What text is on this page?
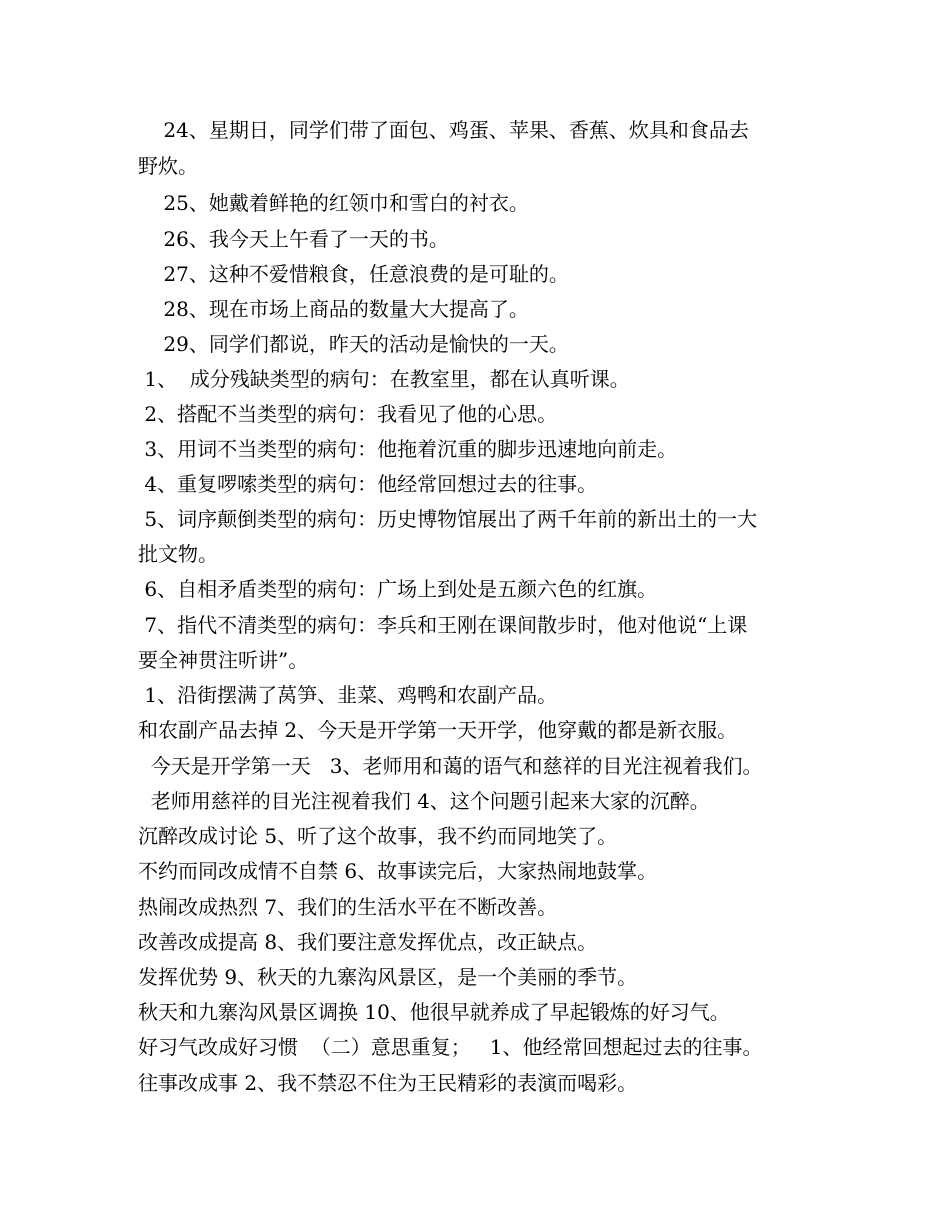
24、星期日，同学们带了面包、鸡蛋、苹果、香蕉、炊具和食品去
野炊。
25、她戴着鲜艳的红领巾和雪白的衬衣。
26、我今天上午看了一天的书。
27、这种不爱惜粮食，任意浪费的是可耻的。
28、现在市场上商品的数量大大提高了。
29、同学们都说，昨天的活动是愉快的一天。
1、  成分残缺类型的病句：在教室里，都在认真听课。
2、搭配不当类型的病句：我看见了他的心思。
3、用词不当类型的病句：他拖着沉重的脚步迅速地向前走。
4、重复啰嗦类型的病句：他经常回想过去的往事。
5、词序颠倒类型的病句：历史博物馆展出了两千年前的新出土的一大
批文物。
6、自相矛盾类型的病句：广场上到处是五颜六色的红旗。
7、指代不清类型的病句：李兵和王刚在课间散步时，他对他说“上课
要全神贯注听讲”。
1、沿街摆满了莴笋、韭菜、鸡鸭和农副产品。
和农副产品去掉 2、今天是开学第一天开学，他穿戴的都是新衣服。
今天是开学第一天   3、老师用和蔼的语气和慈祥的目光注视着我们。
老师用慈祥的目光注视着我们 4、这个问题引起来大家的沉醉。
沉醉改成讨论 5、听了这个故事，我不约而同地笑了。
不约而同改成情不自禁 6、故事读完后，大家热闹地鼓掌。
热闹改成热烈 7、我们的生活水平在不断改善。
改善改成提高 8、我们要注意发挥优点，改正缺点。
发挥优势 9、秋天的九寨沟风景区，是一个美丽的季节。
秋天和九寨沟风景区调换 10、他很早就养成了早起锻炼的好习气。
好习气改成好习惯  （二）意思重复；   1、他经常回想起过去的往事。
往事改成事 2、我不禁忍不住为王民精彩的表演而喝彩。
